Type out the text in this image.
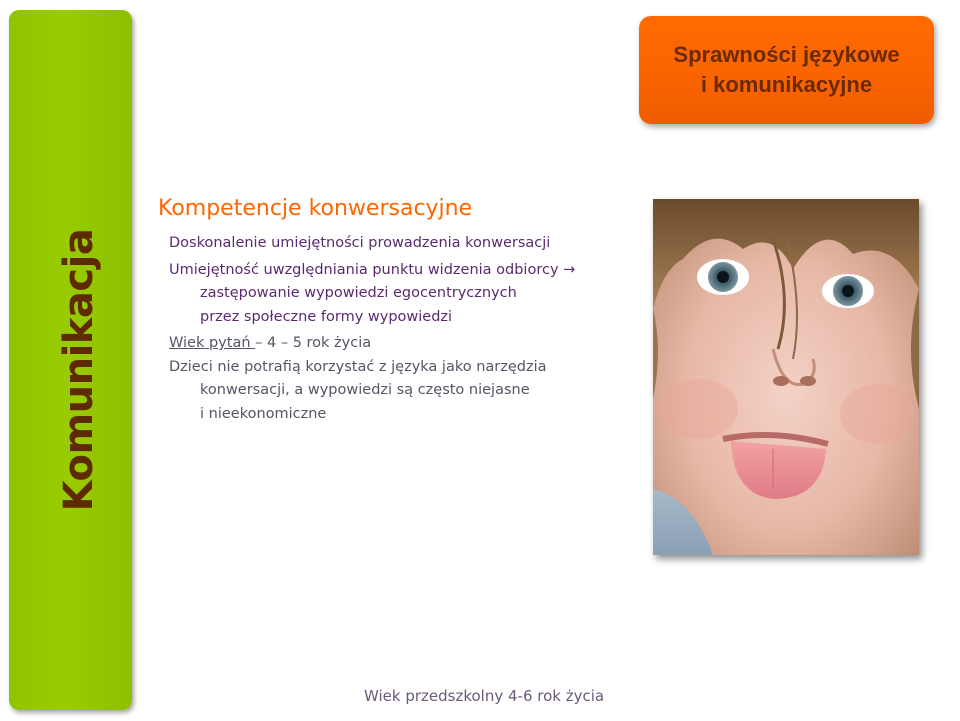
Komunikacja
Sprawności językowe
i komunikacyjne
Kompetencje konwersacyjne

Doskonalenie umiejętności prowadzenia konwersacji

Umiejętność uwzględniania punktu widzenia odbiorcy →
zastępowanie wypowiedzi egocentrycznych
przez społeczne formy wypowiedzi

Wiek pytań – 4 – 5 rok życia

Dzieci nie potrafią korzystać z języka jako narzędzia
konwersacji, a wypowiedzi są często niejasne
i nieekonomiczne

Wiek przedszkolny 4-6 rok życia
